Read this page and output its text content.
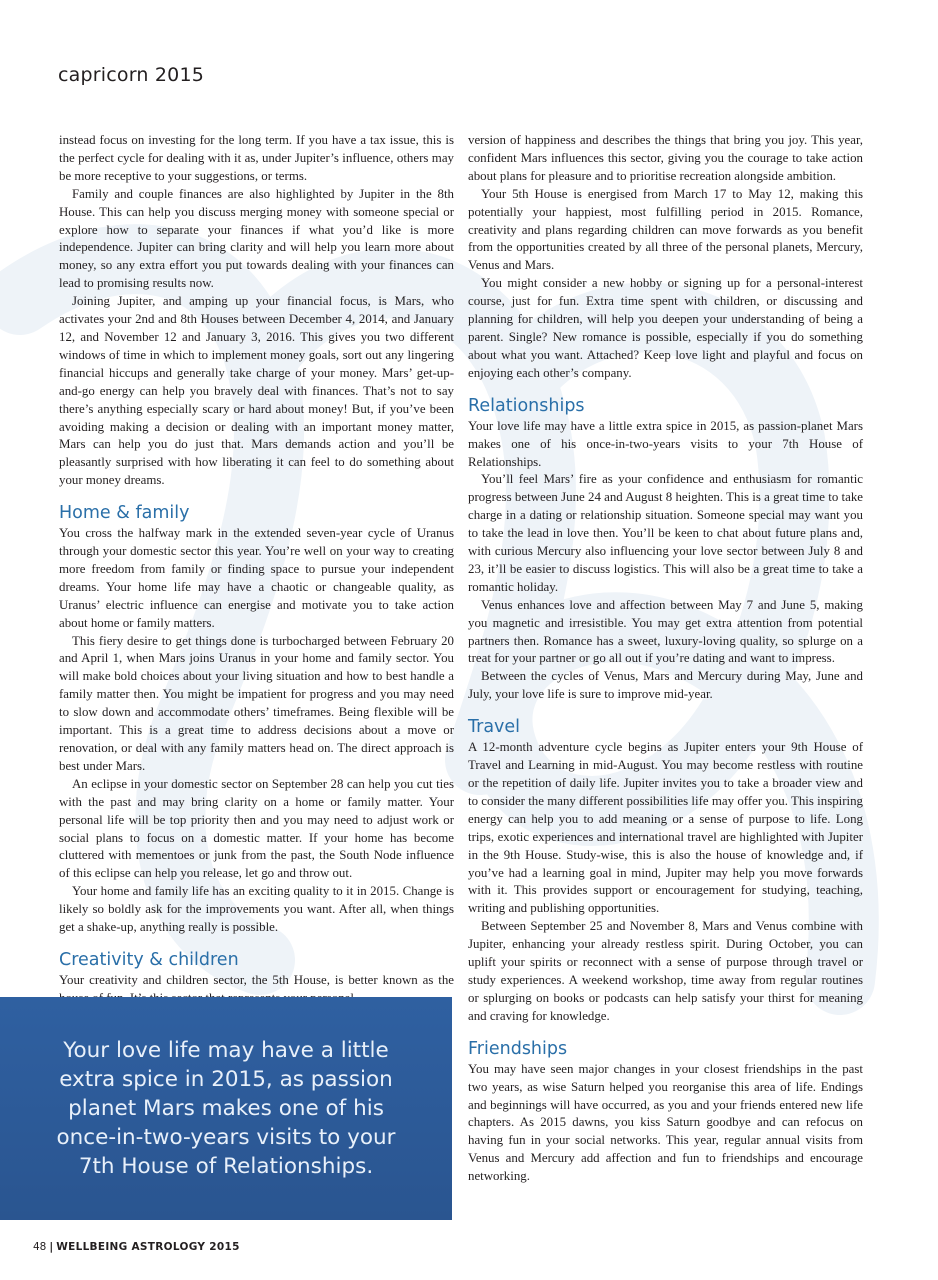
capricorn 2015

instead focus on investing for the long term. If you have a tax issue, this is the perfect cycle for dealing with it as, under Jupiter’s influence, others may be more receptive to your suggestions, or terms.

Family and couple finances are also highlighted by Jupiter in the 8th House. This can help you discuss merging money with someone special or explore how to separate your finances if what you’d like is more independence. Jupiter can bring clarity and will help you learn more about money, so any extra effort you put towards dealing with your finances can lead to promising results now.

Joining Jupiter, and amping up your financial focus, is Mars, who activates your 2nd and 8th Houses between December 4, 2014, and January 12, and November 12 and January 3, 2016. This gives you two different windows of time in which to implement money goals, sort out any lingering financial hiccups and generally take charge of your money. Mars’ get-up-and-go energy can help you bravely deal with finances. That’s not to say there’s anything especially scary or hard about money! But, if you’ve been avoiding making a decision or dealing with an important money matter, Mars can help you do just that. Mars demands action and you’ll be pleasantly surprised with how liberating it can feel to do something about your money dreams.

Home & family

You cross the halfway mark in the extended seven-year cycle of Uranus through your domestic sector this year. You’re well on your way to creating more freedom from family or finding space to pursue your independent dreams. Your home life may have a chaotic or changeable quality, as Uranus’ electric influence can energise and motivate you to take action about home or family matters.

This fiery desire to get things done is turbocharged between February 20 and April 1, when Mars joins Uranus in your home and family sector. You will make bold choices about your living situation and how to best handle a family matter then. You might be impatient for progress and you may need to slow down and accommodate others’ timeframes. Being flexible will be important. This is a great time to address decisions about a move or renovation, or deal with any family matters head on. The direct approach is best under Mars.

An eclipse in your domestic sector on September 28 can help you cut ties with the past and may bring clarity on a home or family matter. Your personal life will be top priority then and you may need to adjust work or social plans to focus on a domestic matter. If your home has become cluttered with mementoes or junk from the past, the South Node influence of this eclipse can help you release, let go and throw out.

Your home and family life has an exciting quality to it in 2015. Change is likely so boldly ask for the improvements you want. After all, when things get a shake-up, anything really is possible.

Creativity & children

Your creativity and children sector, the 5th House, is better known as the

version of happiness and describes the things that bring you joy. This year, confident Mars influences this sector, giving you the courage to take action about plans for pleasure and to prioritise recreation alongside ambition.

Your 5th House is energised from March 17 to May 12, making this potentially your happiest, most fulfilling period in 2015. Romance, creativity and plans regarding children can move forwards as you benefit from the opportunities created by all three of the personal planets, Mercury, Venus and Mars.

You might consider a new hobby or signing up for a personal-interest course, just for fun. Extra time spent with children, or discussing and planning for children, will help you deepen your understanding of being a parent. Single? New romance is possible, especially if you do something about what you want. Attached? Keep love light and playful and focus on enjoying each other’s company.

Relationships

Your love life may have a little extra spice in 2015, as passion-planet Mars makes one of his once-in-two-years visits to your 7th House of Relationships.

You’ll feel Mars’ fire as your confidence and enthusiasm for romantic progress between June 24 and August 8 heighten. This is a great time to take charge in a dating or relationship situation. Someone special may want you to take the lead in love then. You’ll be keen to chat about future plans and, with curious Mercury also influencing your love sector between July 8 and 23, it’ll be easier to discuss logistics. This will also be a great time to take a romantic holiday.

Venus enhances love and affection between May 7 and June 5, making you magnetic and irresistible. You may get extra attention from potential partners then. Romance has a sweet, luxury-loving quality, so splurge on a treat for your partner or go all out if you’re dating and want to impress.

Between the cycles of Venus, Mars and Mercury during May, June and July, your love life is sure to improve mid-year.

Travel

A 12-month adventure cycle begins as Jupiter enters your 9th House of Travel and Learning in mid-August. You may become restless with routine or the repetition of daily life. Jupiter invites you to take a broader view and to consider the many different possibilities life may offer you. This inspiring energy can help you to add meaning or a sense of purpose to life. Long trips, exotic experiences and international travel are highlighted with Jupiter in the 9th House. Study-wise, this is also the house of knowledge and, if you’ve had a learning goal in mind, Jupiter may help you move forwards with it. This provides support or encouragement for studying, teaching, writing and publishing opportunities.

Between September 25 and November 8, Mars and Venus combine with Jupiter, enhancing your already restless spirit. During October, you can uplift your spirits or reconnect with a sense of purpose through travel or study experiences. A weekend workshop, time away from regular routines or splurging on books or podcasts can help satisfy your thirst for meaning and craving for knowledge.

Friendships

You may have seen major changes in your closest friendships in the past two years, as wise Saturn helped you reorganise this area of life. Endings and beginnings will have occurred, as you and your friends entered new life chapters. As 2015 dawns, you kiss Saturn goodbye and can refocus on having fun in your social networks. This year, regular annual visits from Venus and Mercury add affection and fun to friendships and encourage networking.

Your love life may have a little extra spice in 2015, as passion planet Mars makes one of his once-in-two-years visits to your 7th House of Relationships.
48 | WELLBEING ASTROLOGY 2015
